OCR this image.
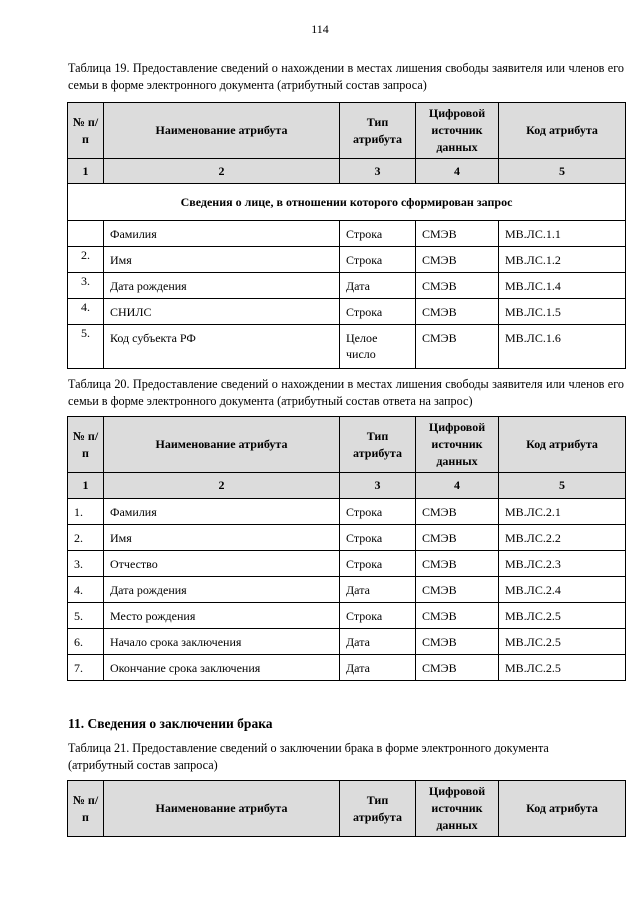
114
Таблица 19. Предоставление сведений о нахождении в местах лишения свободы заявителя или членов его семьи в форме электронного документа (атрибутный состав запроса)
№ п/п	Наименование атрибута	Тип атрибута	Цифровой источник данных	Код атрибута
1	2	3	4	5
Сведения о лице, в отношении которого сформирован запрос				
	Фамилия	Строка	СМЭВ	МВ.ЛС.1.1
2.	Имя	Строка	СМЭВ	МВ.ЛС.1.2
3.	Дата рождения	Дата	СМЭВ	МВ.ЛС.1.4
4.	СНИЛС	Строка	СМЭВ	МВ.ЛС.1.5
5.	Код субъекта РФ	Целое число	СМЭВ	МВ.ЛС.1.6
Таблица 20. Предоставление сведений о нахождении в местах лишения свободы заявителя или членов его семьи в форме электронного документа (атрибутный состав ответа на запрос)
№ п/п	Наименование атрибута	Тип атрибута	Цифровой источник данных	Код атрибута
1	2	3	4	5
1.	Фамилия	Строка	СМЭВ	МВ.ЛС.2.1
2.	Имя	Строка	СМЭВ	МВ.ЛС.2.2
3.	Отчество	Строка	СМЭВ	МВ.ЛС.2.3
4.	Дата рождения	Дата	СМЭВ	МВ.ЛС.2.4
5.	Место рождения	Строка	СМЭВ	МВ.ЛС.2.5
6.	Начало срока заключения	Дата	СМЭВ	МВ.ЛС.2.5
7.	Окончание срока заключения	Дата	СМЭВ	МВ.ЛС.2.5
11. Сведения о заключении брака
Таблица 21. Предоставление сведений о заключении брака в форме электронного документа (атрибутный состав запроса)
№ п/п	Наименование атрибута	Тип атрибута	Цифровой источник данных	Код атрибута
